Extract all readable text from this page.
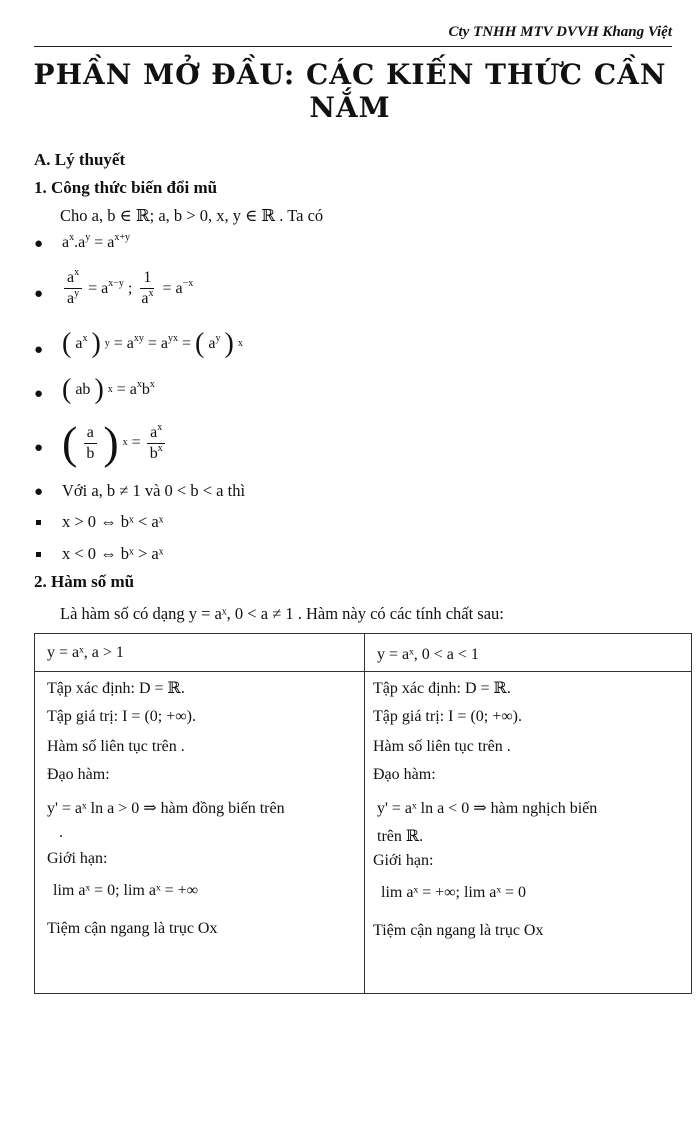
Cty TNHH MTV DVVH Khang Việt
PHẦN MỞ ĐẦU: CÁC KIẾN THỨC CẦN NẮM
A. Lý thuyết
1. Công thức biến đổi mũ
Cho a, b ∈ ℝ; a, b > 0, x, y ∈ ℝ . Ta có
● $a^x.a^y = a^{x+y}$
● $\frac{a^x}{a^y} = a^{x-y}$ ; $\frac{1}{a^x} = a^{-x}$
● ( $a^x$ ) $y = a^{xy} = a^{yx}$ = ( $a^y$ ) x
● ( ab ) $x = a^xb^x$
● ( $\frac{a}{b}$ ) $x = \frac{a^x}{b^x}$
● Với a, b ≠ 1 và 0 < b < a thì
x > 0 ⇔ bˣ < aˣ
x < 0 ⇔ bˣ > aˣ
2. Hàm số mũ
Là hàm số có dạng y = aˣ, 0 < a ≠ 1 . Hàm này có các tính chất sau:
y = aˣ, a > 1
Tập xác định: D = ℝ.
Tập giá trị: I = (0; +∞).
Hàm số liên tục trên .
Đạo hàm:
y' = aˣ ln a > 0 ⇒ hàm đồng biến trên
.
Giới hạn:
lim aˣ = 0; lim aˣ = +∞
Tiệm cận ngang là trục Ox
y = aˣ, 0 < a < 1
Tập xác định: D = ℝ.
Tập giá trị: I = (0; +∞).
Hàm số liên tục trên .
Đạo hàm:
y' = aˣ ln a < 0 ⇒ hàm nghịch biến
trên ℝ.
Giới hạn:
lim aˣ = +∞; lim aˣ = 0
Tiệm cận ngang là trục Ox
